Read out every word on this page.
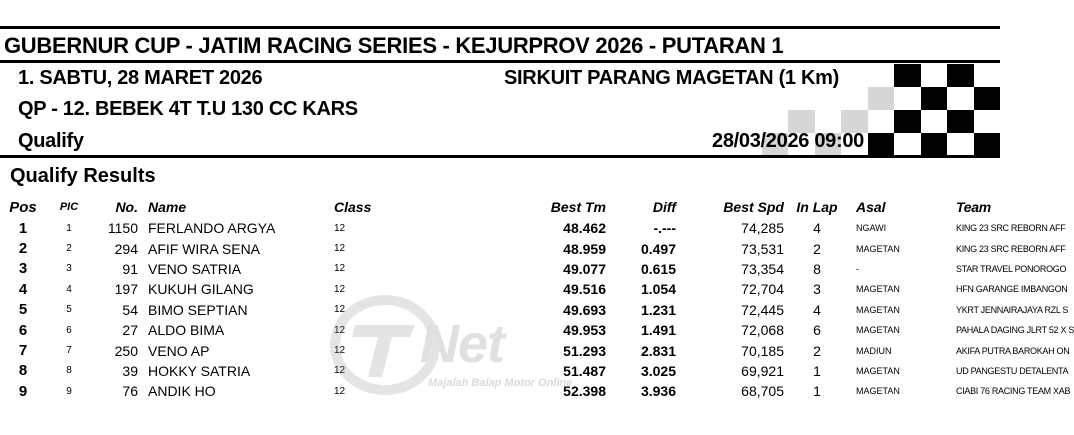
GUBERNUR CUP - JATIM RACING SERIES - KEJURPROV 2026 - PUTARAN 1
1. SABTU, 28 MARET 2026	SIRKUIT PARANG MAGETAN (1 Km)
QP - 12. BEBEK 4T T.U 130 CC KARS
Qualify	28/03/2026 09:00
Qualify Results
Pos	PIC	No.	Name	Class	Best Tm	Diff	Best Spd	In Lap	Asal	Team
1	1	1150	FERLANDO ARGYA	12	48.462	-.---	74,285	4	NGAWI	KING 23 SRC REBORN AFF
2	2	294	AFIF WIRA SENA	12	48.959	0.497	73,531	2	MAGETAN	KING 23 SRC REBORN AFF
3	3	91	VENO SATRIA	12	49.077	0.615	73,354	8	-	STAR TRAVEL PONOROGO
4	4	197	KUKUH GILANG	12	49.516	1.054	72,704	3	MAGETAN	HFN GARANGE IMBANGON
5	5	54	BIMO SEPTIAN	12	49.693	1.231	72,445	4	MAGETAN	YKRT JENNAIRAJAYA RZL S
6	6	27	ALDO BIMA	12	49.953	1.491	72,068	6	MAGETAN	PAHALA DAGING JLRT 52 X S
7	7	250	VENO AP	12	51.293	2.831	70,185	2	MADIUN	AKIFA PUTRA BAROKAH ON
8	8	39	HOKKY SATRIA	12	51.487	3.025	69,921	1	MAGETAN	UD PANGESTU DETALENTA
9	9	76	ANDIK HO	12	52.398	3.936	68,705	1	MAGETAN	CIABI 76 RACING TEAM XAB
Net
Majalah Balap Motor Online
